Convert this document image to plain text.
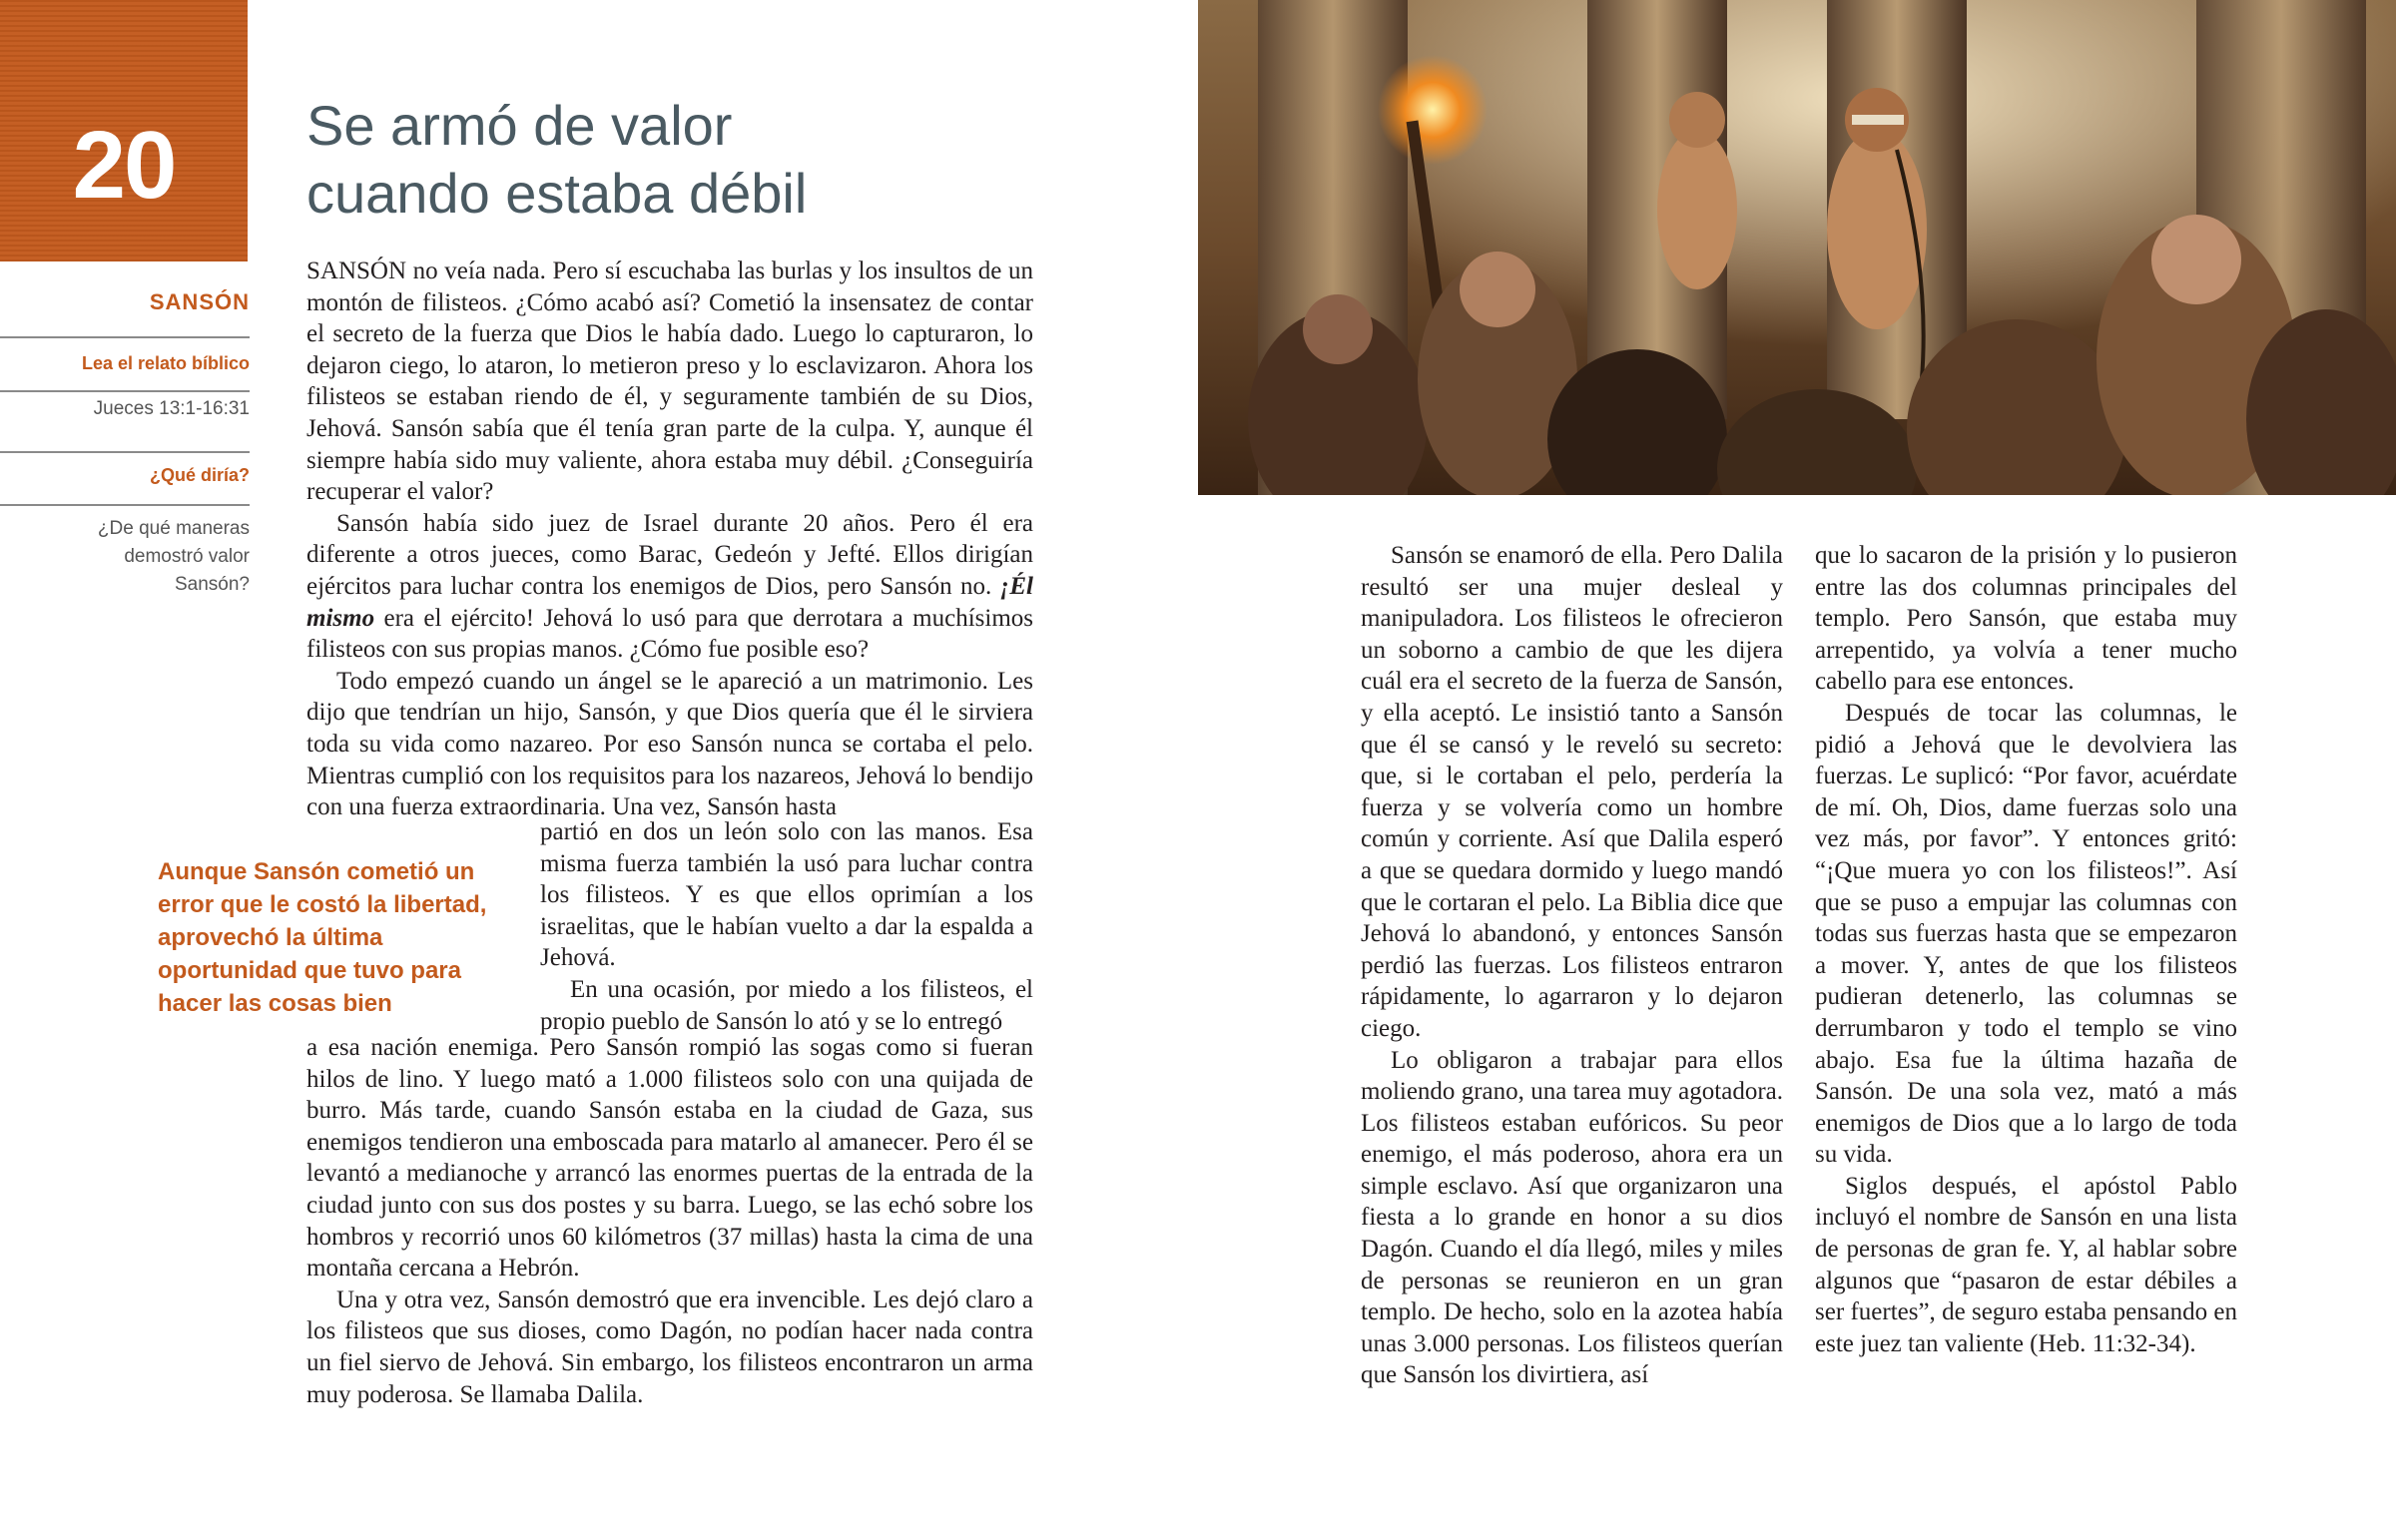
20	Se armó de valor
cuando estaba débil
SANSÓN
Lea el relato bíblico
Jueces 13:1-16:31
¿Qué diría?
¿De qué maneras demostró valor Sansón?
Aunque Sansón cometió un error que le costó la libertad, aprovechó la última oportunidad que tuvo para hacer las cosas bien

SANSÓN no veía nada. Pero sí escuchaba las burlas y los insultos de un montón de filisteos. ¿Cómo acabó así? Cometió la insensatez de contar el secreto de la fuerza que Dios le había dado. Luego lo capturaron, lo dejaron ciego, lo ataron, lo metieron preso y lo esclavizaron. Ahora los filisteos se estaban riendo de él, y seguramente también de su Dios, Jehová. Sansón sabía que él tenía gran parte de la culpa. Y, aunque él siempre había sido muy valiente, ahora estaba muy débil. ¿Conseguiría recuperar el valor?

Sansón había sido juez de Israel durante 20 años. Pero él era diferente a otros jueces, como Barac, Gedeón y Jefté. Ellos dirigían ejércitos para luchar contra los enemigos de Dios, pero Sansón no. ¡Él mismo era el ejército! Jehová lo usó para que derrotara a muchísimos filisteos con sus propias manos. ¿Cómo fue posible eso?

Todo empezó cuando un ángel se le apareció a un matrimonio. Les dijo que tendrían un hijo, Sansón, y que Dios quería que él le sirviera toda su vida como nazareo. Por eso Sansón nunca se cortaba el pelo. Mientras cumplió con los requisitos para los nazareos, Jehová lo bendijo con una fuerza extraordinaria. Una vez, Sansón hasta

partió en dos un león solo con las manos. Esa misma fuerza también la usó para luchar contra los filisteos. Y es que ellos oprimían a los israelitas, que le habían vuelto a dar la espalda a Jehová.

En una ocasión, por miedo a los filisteos, el propio pueblo de Sansón lo ató y se lo entregó

a esa nación enemiga. Pero Sansón rompió las sogas como si fueran hilos de lino. Y luego mató a 1.000 filisteos solo con una quijada de burro. Más tarde, cuando Sansón estaba en la ciudad de Gaza, sus enemigos tendieron una emboscada para matarlo al amanecer. Pero él se levantó a medianoche y arrancó las enormes puertas de la entrada de la ciudad junto con sus dos postes y su barra. Luego, se las echó sobre los hombros y recorrió unos 60 kilómetros (37 millas) hasta la cima de una montaña cercana a Hebrón.

Una y otra vez, Sansón demostró que era invencible. Les dejó claro a los filisteos que sus dioses, como Dagón, no podían hacer nada contra un fiel siervo de Jehová. Sin embargo, los filisteos encontraron un arma muy poderosa. Se llamaba Dalila.

Sansón se enamoró de ella. Pero Dalila resultó ser una mujer desleal y manipuladora. Los filisteos le ofrecieron un soborno a cambio de que les dijera cuál era el secreto de la fuerza de Sansón, y ella aceptó. Le insistió tanto a Sansón que él se cansó y le reveló su secreto: que, si le cortaban el pelo, perdería la fuerza y se volvería como un hombre común y corriente. Así que Dalila esperó a que se quedara dormido y luego mandó que le cortaran el pelo. La Biblia dice que Jehová lo abandonó, y entonces Sansón perdió las fuerzas. Los filisteos entraron rápidamente, lo agarraron y lo dejaron ciego.

Lo obligaron a trabajar para ellos moliendo grano, una tarea muy agotadora. Los filisteos estaban eufóricos. Su peor enemigo, el más poderoso, ahora era un simple esclavo. Así que organizaron una fiesta a lo grande en honor a su dios Dagón. Cuando el día llegó, miles y miles de personas se reunieron en un gran templo. De hecho, solo en la azotea había unas 3.000 personas. Los filisteos querían que Sansón los divirtiera, así

que lo sacaron de la prisión y lo pusieron entre las dos columnas principales del templo. Pero Sansón, que estaba muy arrepentido, ya volvía a tener mucho cabello para ese entonces.

Después de tocar las columnas, le pidió a Jehová que le devolviera las fuerzas. Le suplicó: “Por favor, acuérdate de mí. Oh, Dios, dame fuerzas solo una vez más, por favor”. Y entonces gritó: “¡Que muera yo con los filisteos!”. Así que se puso a empujar las columnas con todas sus fuerzas hasta que se empezaron a mover. Y, antes de que los filisteos pudieran detenerlo, las columnas se derrumbaron y todo el templo se vino abajo. Esa fue la última hazaña de Sansón. De una sola vez, mató a más enemigos de Dios que a lo largo de toda su vida.

Siglos después, el apóstol Pablo incluyó el nombre de Sansón en una lista de personas de gran fe. Y, al hablar sobre algunos que “pasaron de estar débiles a ser fuertes”, de seguro estaba pensando en este juez tan valiente (Heb. 11:32-34).
